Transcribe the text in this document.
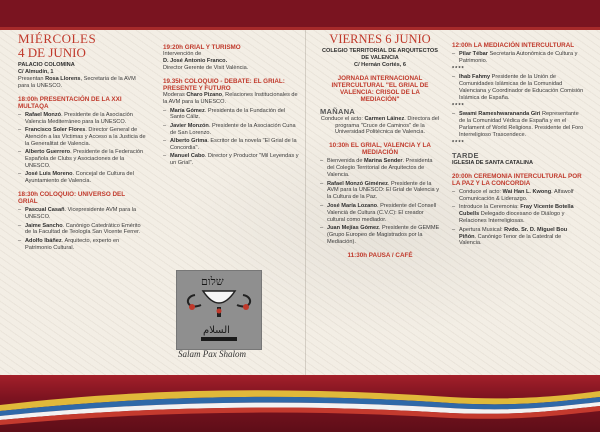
MIÉRCOLES
4 DE JUNIO

PALACIO COLOMINA

C/ Almudín, 1

Presentan Rosa Llorens, Secretaria de la AVM para la UNESCO.

18:00h PRESENTACIÓN DE LA XXI MULTAQA
– Rafael Monzó. Presidente de la Asociación Valencia Mediterráneo para la UNESCO.
– Francisco Soler Flores. Director General de Atención a las Víctimas y Acceso a la Justicia de la Generalitat de Valencia.
– Alberto Guerrero. Presidente de la Federación Española de Clubs y Asociaciones de la UNESCO.
– José Luis Moreno. Concejal de Cultura del Ayuntamiento de Valencia.
18:30h COLOQUIO: UNIVERSO DEL GRIAL
– Pascual Casañ. Vicepresidente AVM para la UNESCO.
– Jaime Sancho. Canónigo Catedrático Emérito de la Facultad de Teología San Vicente Ferrer.
– Adolfo Ibáñez. Arquitecto, experto en Patrimonio Cultural.
19:20h GRIAL Y TURISMO

Intervención de

D. José Antonio Franco.

Director Gerente de Visit València.

19.35h COLOQUIO - DEBATE: EL GRIAL: PRESENTE Y FUTURO

Moderas Charo Pizano, Relaciones Institucionales de la AVM para la UNESCO.

– María Gómez. Presidenta de la Fundación del Santo Cáliz.
– Javier Monzón. Presidente de la Asociación Cuna de San Lorenzo.
– Alberto Grima. Escritor de la novela "El Grial de la Concordia".
– Manuel Cabo. Director y Productor "Mil Leyendas y un Grial".
שלום
السلام
Salam Pax Shalom
VIERNES 6 JUNIO

COLEGIO TERRITORIAL DE ARQUITECTOS DE VALENCIA

C/ Hernán Cortés, 6

JORNADA INTERNACIONAL INTERCULTURAL "EL GRIAL DE VALENCIA: CRISOL DE LA MEDIACIÓN"
MAÑANA

Conduce el acto: Carmen Láinez. Directora del programa "Cruce de Caminos" de la Universidad Politécnica de Valencia.

10:30h EL GRIAL, VALENCIA Y LA MEDIACIÓN
– Bienvenida de Marina Sender. Presidenta del Colegio Territorial de Arquitectos de Valencia.
– Rafael Monzó Giménez. Presidente de la AVM para la UNESCO: El Grial de Valencia y la Cultura de la Paz.
– José María Lozano. Presidente del Consell Valencià de Cultura (C.V.C): El creador cultural como mediador.
– Juan Mejías Gómez. Presidente de GEMME (Grupo Europeo de Magistrados por la Mediación).
11:30h PAUSA / CAFÉ
12:00h LA MEDIACIÓN INTERCULTURAL
– Pilar Tébar Secretaria Autonómica de Cultura y Patrimonio.
****
– Ihab Fahmy Presidente de la Unión de Comunidades Islámicas de la Comunidad Valenciana y Coordinador de Educación Comisión Islámica de España.
****
– Swami Rameshwarananda Giri Representante de la Comunidad Védica de España y en el Parlament of World Religions. Presidente del Foro Interreligioso Trascendece.
****
TARDE

IGLESIA DE SANTA CATALINA

20:00h CEREMONIA INTERCULTURAL POR LA PAZ Y LA CONCORDIA
– Conduce el acto: Wai Han L. Kwong. Alfawolf Comunicación & Liderazgo.
– Introduce la Ceremonia: Fray Vicente Botella Cubells Delegado diocesano de Diálogo y Relaciones Interreligiosas.
– Apertura Musical: Rvdo. Sr. D. Miguel Bou Piñón. Canónigo Tenor de la Catedral de Valencia.
